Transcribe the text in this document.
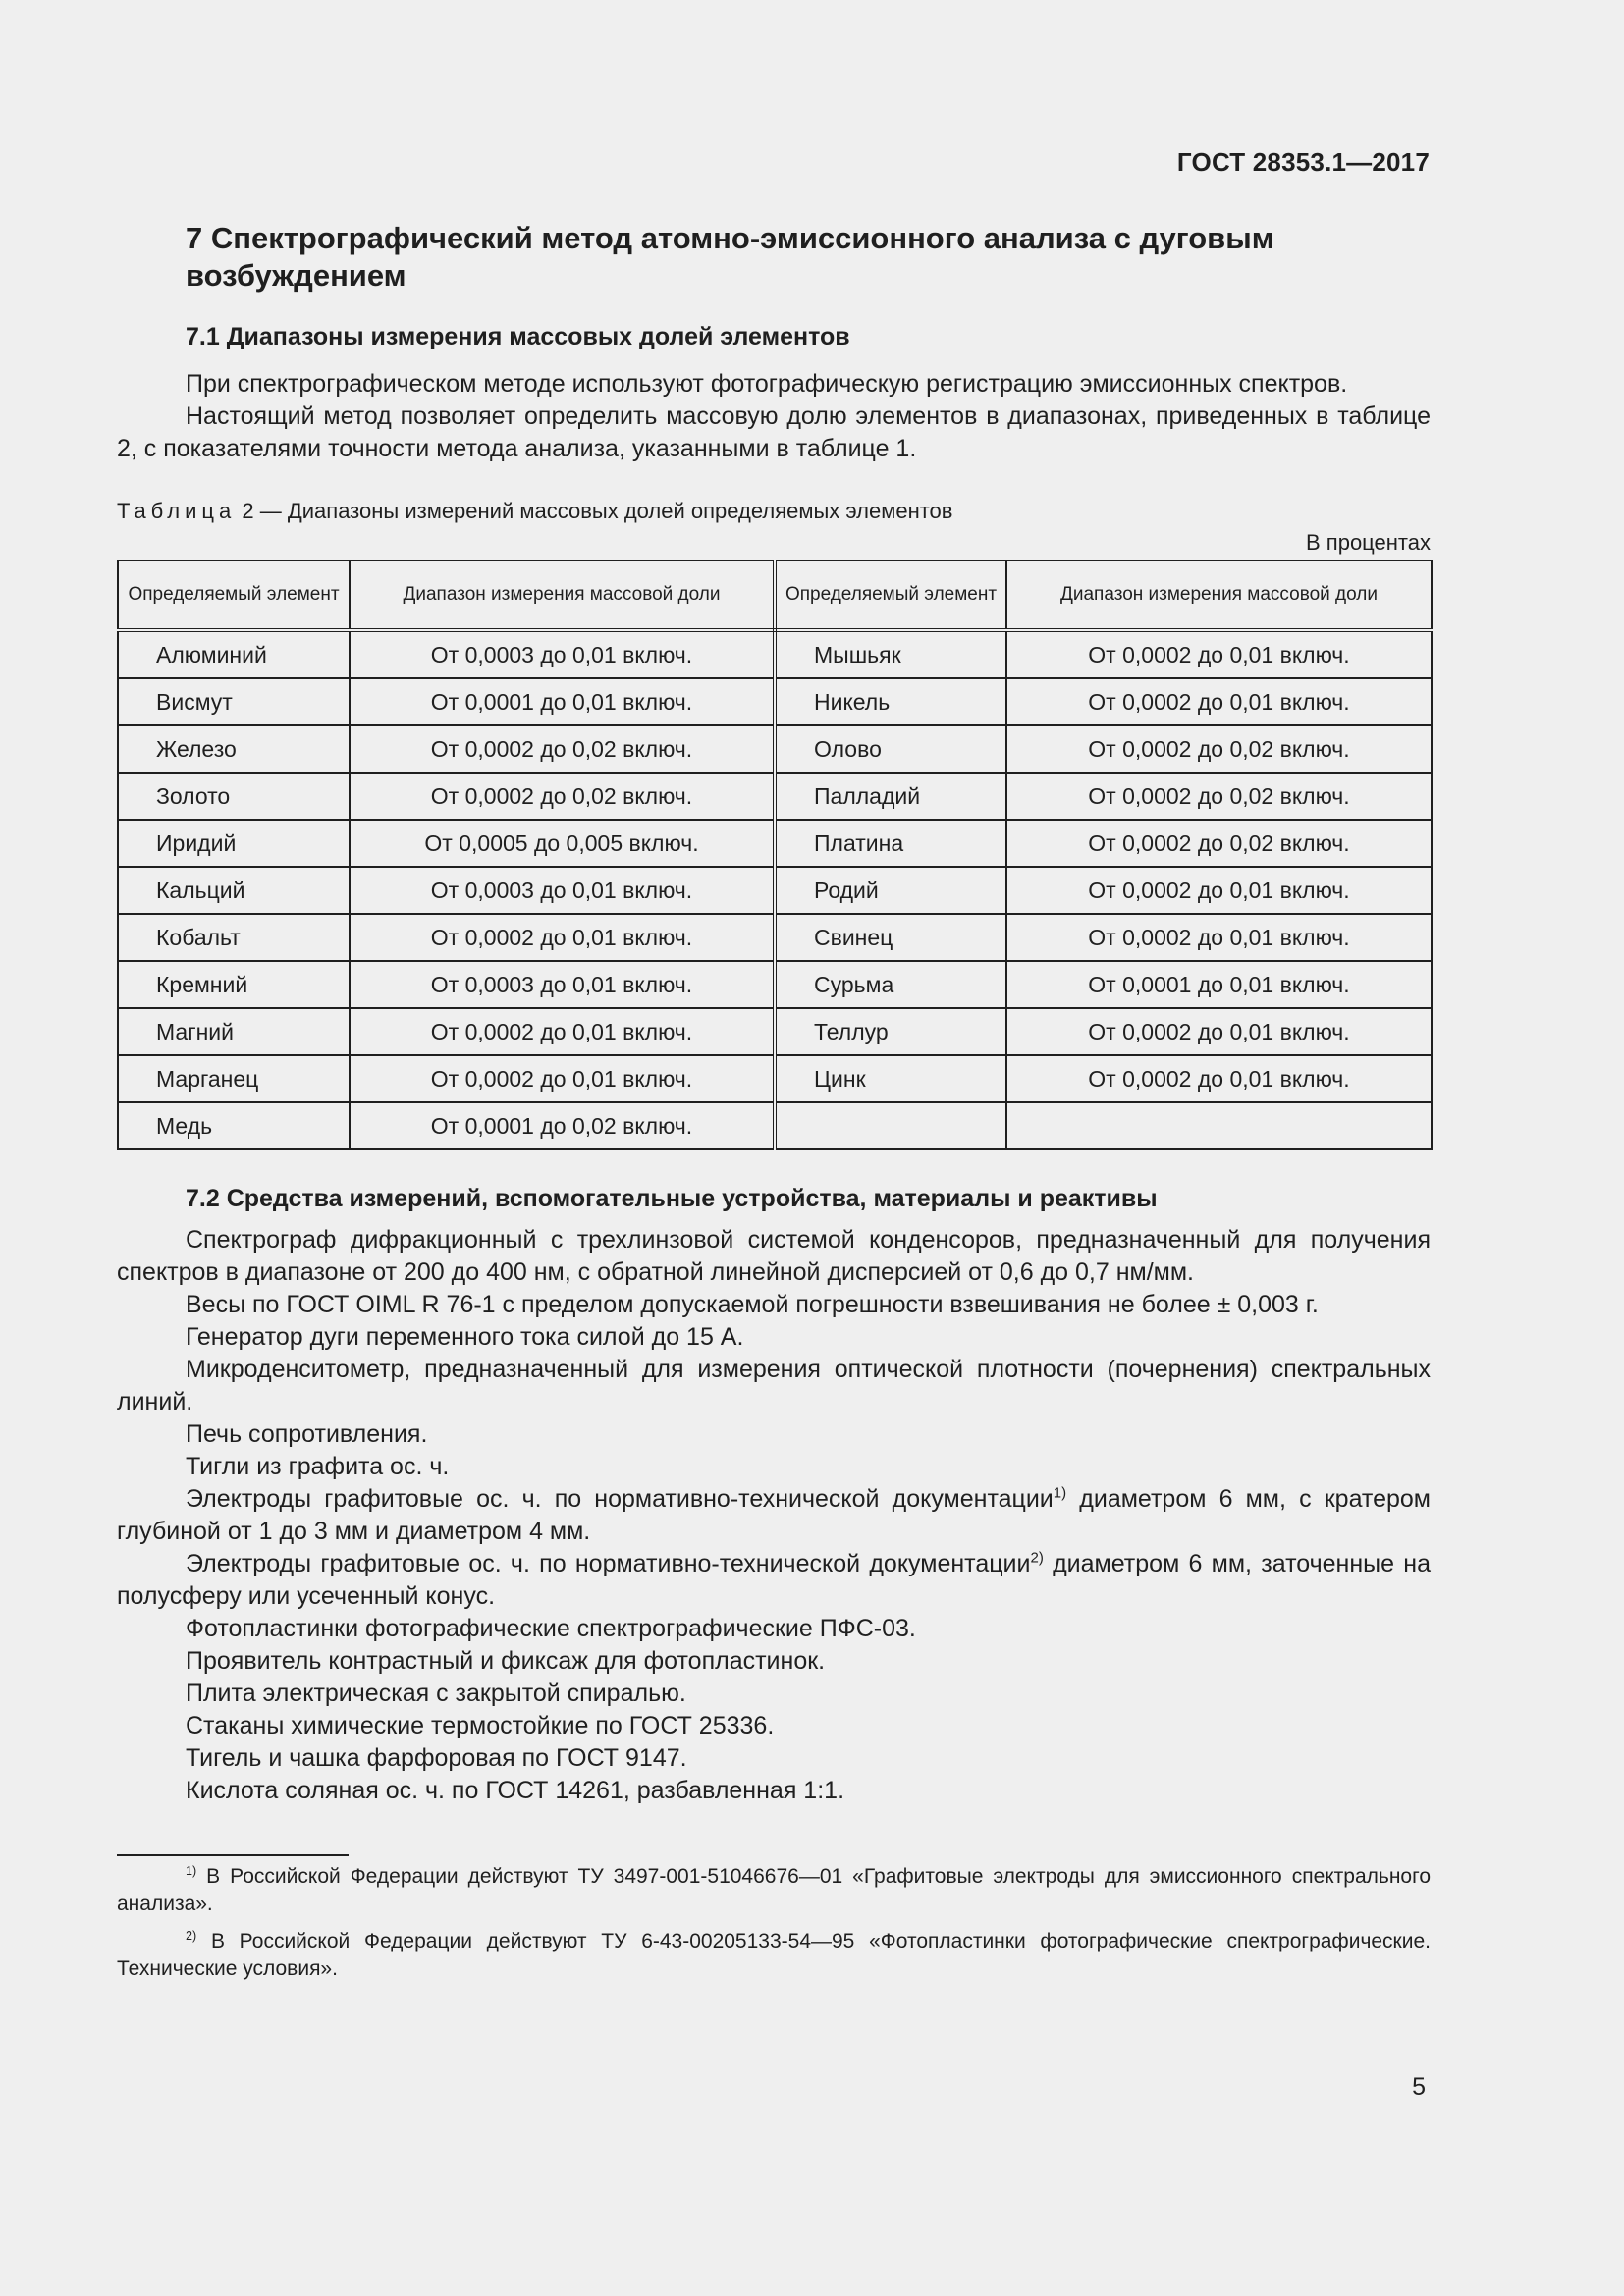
ГОСТ 28353.1—2017
7 Спектрографический метод атомно-эмиссионного анализа с дуговым возбуждением
7.1 Диапазоны измерения массовых долей элементов

При спектрографическом методе используют фотографическую регистрацию эмиссионных спектров.

Настоящий метод позволяет определить массовую долю элементов в диапазонах, приведенных в таблице 2, с показателями точности метода анализа, указанными в таблице 1.

Таблица 2 — Диапазоны измерений массовых долей определяемых элементов

В процентах

Определяемый элемент	Диапазон измерения массовой доли	Определяемый элемент	Диапазон измерения массовой доли
Алюминий	От 0,0003 до 0,01 включ.	Мышьяк	От 0,0002 до 0,01 включ.
Висмут	От 0,0001 до 0,01 включ.	Никель	От 0,0002 до 0,01 включ.
Железо	От 0,0002 до 0,02 включ.	Олово	От 0,0002 до 0,02 включ.
Золото	От 0,0002 до 0,02 включ.	Палладий	От 0,0002 до 0,02 включ.
Иридий	От 0,0005 до 0,005 включ.	Платина	От 0,0002 до 0,02 включ.
Кальций	От 0,0003 до 0,01 включ.	Родий	От 0,0002 до 0,01 включ.
Кобальт	От 0,0002 до 0,01 включ.	Свинец	От 0,0002 до 0,01 включ.
Кремний	От 0,0003 до 0,01 включ.	Сурьма	От 0,0001 до 0,01 включ.
Магний	От 0,0002 до 0,01 включ.	Теллур	От 0,0002 до 0,01 включ.
Марганец	От 0,0002 до 0,01 включ.	Цинк	От 0,0002 до 0,01 включ.
Медь	От 0,0001 до 0,02 включ.		
7.2 Средства измерений, вспомогательные устройства, материалы и реактивы

Спектрограф дифракционный с трехлинзовой системой конденсоров, предназначенный для получения спектров в диапазоне от 200 до 400 нм, с обратной линейной дисперсией от 0,6 до 0,7 нм/мм.

Весы по ГОСТ OIML R 76-1 с пределом допускаемой погрешности взвешивания не более ± 0,003 г.

Генератор дуги переменного тока силой до 15 А.

Микроденситометр, предназначенный для измерения оптической плотности (почернения) спектральных линий.

Печь сопротивления.

Тигли из графита ос. ч.

Электроды графитовые ос. ч. по нормативно-технической документации$^{1)}$ диаметром 6 мм, с кратером глубиной от 1 до 3 мм и диаметром 4 мм.

Электроды графитовые ос. ч. по нормативно-технической документации$^{2)}$ диаметром 6 мм, заточенные на полусферу или усеченный конус.

Фотопластинки фотографические спектрографические ПФС-03.

Проявитель контрастный и фиксаж для фотопластинок.

Плита электрическая с закрытой спиралью.

Стаканы химические термостойкие по ГОСТ 25336.

Тигель и чашка фарфоровая по ГОСТ 9147.

Кислота соляная ос. ч. по ГОСТ 14261, разбавленная 1:1.

$^{1)}$ В Российской Федерации действуют ТУ 3497-001-51046676—01 «Графитовые электроды для эмиссионного спектрального анализа».

$^{2)}$ В Российской Федерации действуют ТУ 6-43-00205133-54—95 «Фотопластинки фотографические спектрографические. Технические условия».

5
